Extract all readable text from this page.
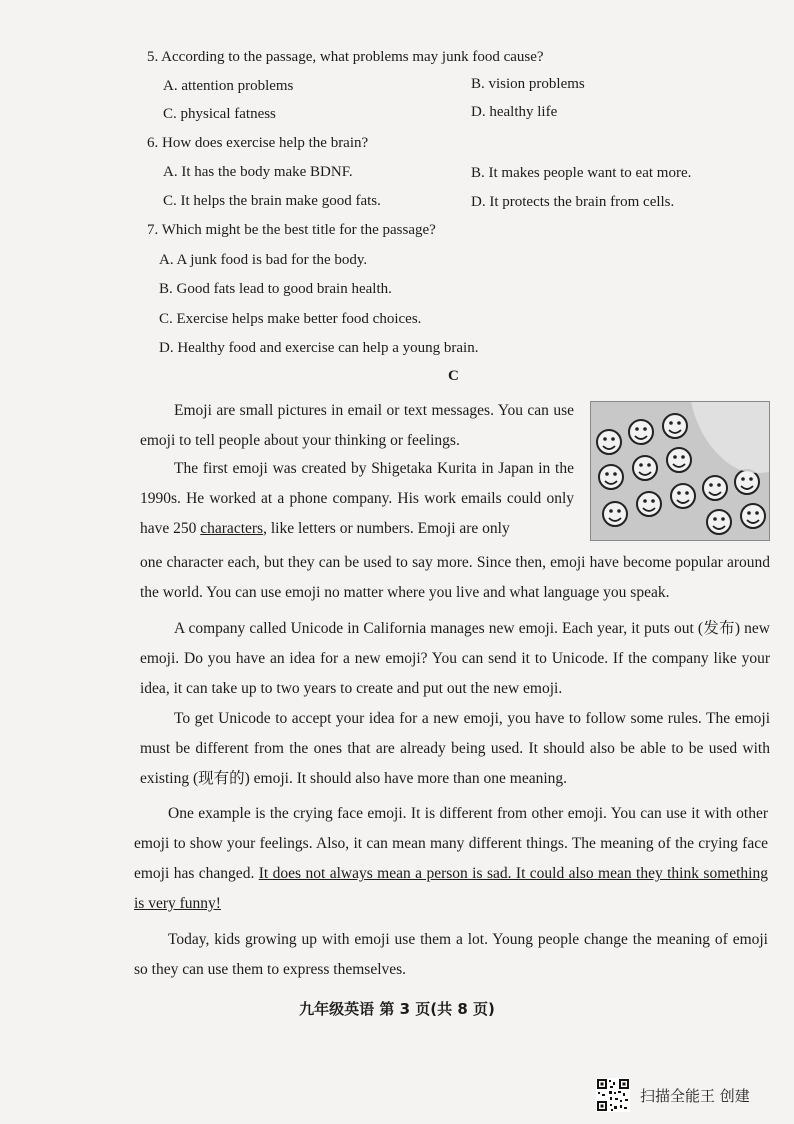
5. According to the passage, what problems may junk food cause?
A. attention problems	B. vision problems
C. physical fatness	D. healthy life
6. How does exercise help the brain?
A. It has the body make BDNF.	B. It makes people want to eat more.
C. It helps the brain make good fats.	D. It protects the brain from cells.
7. Which might be the best title for the passage?
A. A junk food is bad for the body.
B. Good fats lead to good brain health.
C. Exercise helps make better food choices.
D. Healthy food and exercise can help a young brain.
C
Emoji are small pictures in email or text messages. You can use emoji to tell people about your thinking or feelings.
The first emoji was created by Shigetaka Kurita in Japan in the 1990s. He worked at a phone company. His work emails could only have 250 characters, like letters or numbers. Emoji are only
one character each, but they can be used to say more. Since then, emoji have become popular around the world. You can use emoji no matter where you live and what language you speak.
A company called Unicode in California manages new emoji. Each year, it puts out (发布) new emoji. Do you have an idea for a new emoji? You can send it to Unicode. If the company like your idea, it can take up to two years to create and put out the new emoji.
To get Unicode to accept your idea for a new emoji, you have to follow some rules. The emoji must be different from the ones that are already being used. It should also be able to be used with existing (现有的) emoji. It should also have more than one meaning.
One example is the crying face emoji. It is different from other emoji. You can use it with other emoji to show your feelings. Also, it can mean many different things. The meaning of the crying face emoji has changed. It does not always mean a person is sad. It could also mean they think something is very funny!
Today, kids growing up with emoji use them a lot. Young people change the meaning of emoji so they can use them to express themselves.
九年级英语 第 3 页(共 8 页)
扫描全能王 创建
